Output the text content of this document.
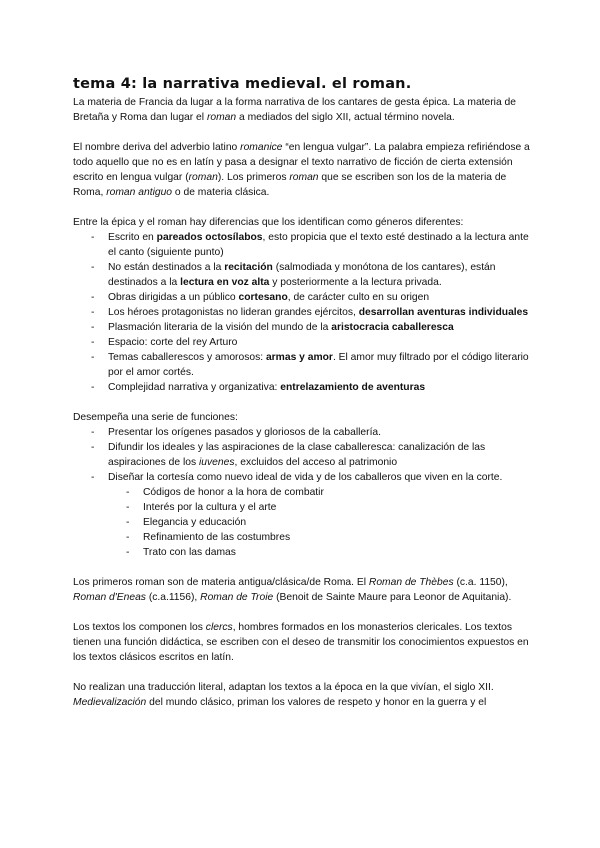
tema 4: la narrativa medieval. el roman.

La materia de Francia da lugar a la forma narrativa de los cantares de gesta épica. La materia de Bretaña y Roma dan lugar el roman a mediados del siglo XII, actual término novela.

El nombre deriva del adverbio latino romanice “en lengua vulgar”. La palabra empieza refiriéndose a todo aquello que no es en latín y pasa a designar el texto narrativo de ficción de cierta extensión escrito en lengua vulgar (roman). Los primeros roman que se escriben son los de la materia de Roma, roman antiguo o de materia clásica.

Entre la épica y el roman hay diferencias que los identifican como géneros diferentes:

- Escrito en pareados octosílabos, esto propicia que el texto esté destinado a la lectura ante el canto (siguiente punto)
- No están destinados a la recitación (salmodiada y monótona de los cantares), están destinados a la lectura en voz alta y posteriormente a la lectura privada.
- Obras dirigidas a un público cortesano, de carácter culto en su origen
- Los héroes protagonistas no lideran grandes ejércitos, desarrollan aventuras individuales
- Plasmación literaria de la visión del mundo de la aristocracia caballeresca
- Espacio: corte del rey Arturo
- Temas caballerescos y amorosos: armas y amor. El amor muy filtrado por el código literario por el amor cortés.
- Complejidad narrativa y organizativa: entrelazamiento de aventuras

Desempeña una serie de funciones:

- Presentar los orígenes pasados y gloriosos de la caballería.
- Difundir los ideales y las aspiraciones de la clase caballeresca: canalización de las aspiraciones de los iuvenes, excluidos del acceso al patrimonio
- Diseñar la cortesía como nuevo ideal de vida y de los caballeros que viven en la corte.
- Códigos de honor a la hora de combatir
- Interés por la cultura y el arte
- Elegancia y educación
- Refinamiento de las costumbres
- Trato con las damas

Los primeros roman son de materia antigua/clásica/de Roma. El Roman de Thèbes (c.a. 1150), Roman d'Eneas (c.a.1156), Roman de Troie (Benoit de Sainte Maure para Leonor de Aquitania).

Los textos los componen los clercs, hombres formados en los monasterios clericales. Los textos tienen una función didáctica, se escriben con el deseo de transmitir los conocimientos expuestos en los textos clásicos escritos en latín.

No realizan una traducción literal, adaptan los textos a la época en la que vivían, el siglo XII. Medievalización del mundo clásico, priman los valores de respeto y honor en la guerra y el
